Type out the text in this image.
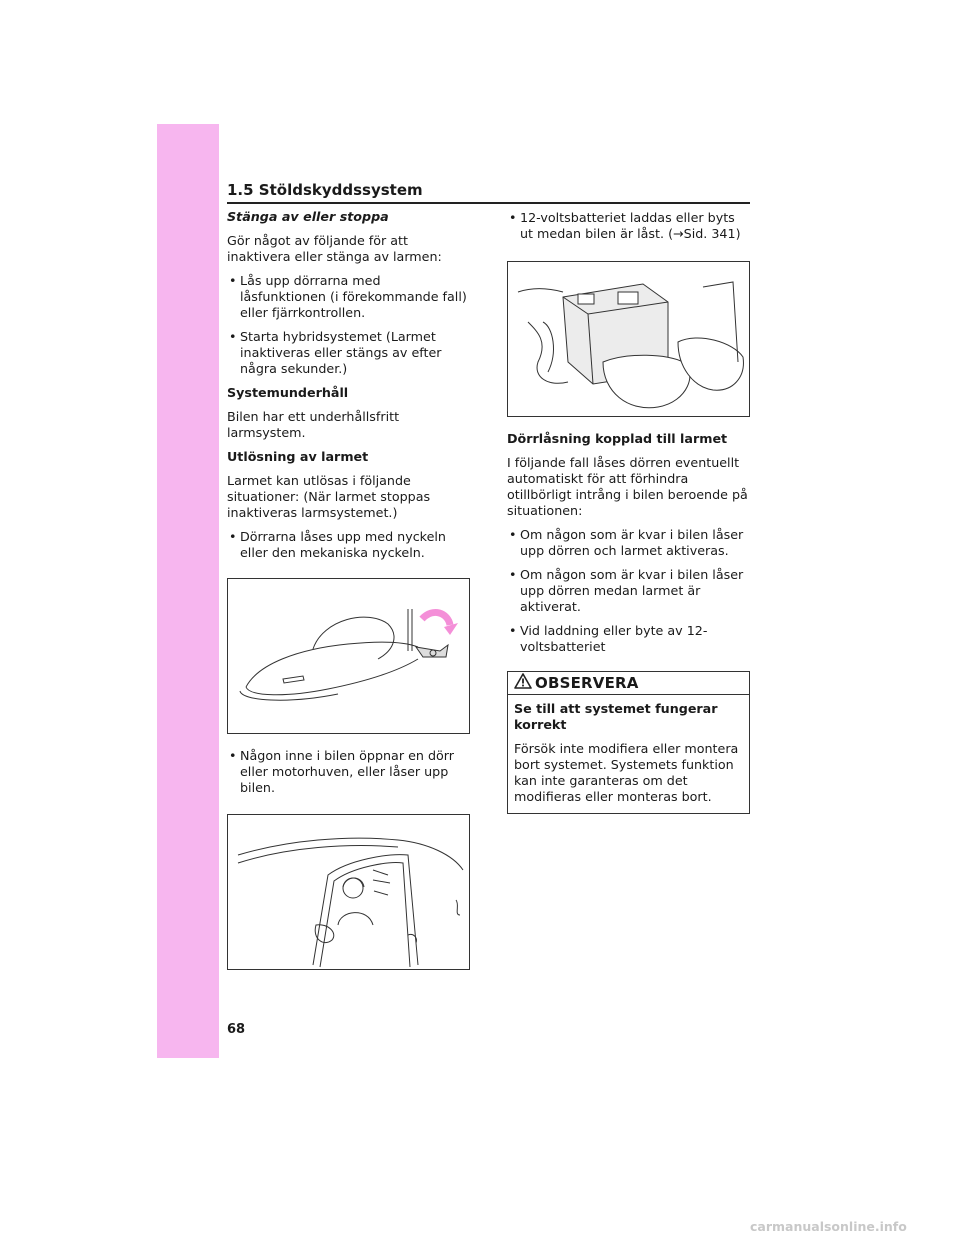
1.5 Stöldskyddssystem

Stänga av eller stoppa

Gör något av följande för att inaktivera eller stänga av larmen:

• Lås upp dörrarna med låsfunktionen (i förekommande fall) eller fjärrkontrollen.
• Starta hybridsystemet (Larmet inaktiveras eller stängs av efter några sekunder.)

Systemunderhåll

Bilen har ett underhållsfritt larmsystem.

Utlösning av larmet

Larmet kan utlösas i följande situationer: (När larmet stoppas inaktiveras larmsystemet.)

• Dörrarna låses upp med nyckeln eller den mekaniska nyckeln.
• Någon inne i bilen öppnar en dörr eller motorhuven, eller låser upp bilen.
• 12-voltsbatteriet laddas eller byts ut medan bilen är låst. (→Sid. 341)

Dörrlåsning kopplad till larmet

I följande fall låses dörren eventuellt automatiskt för att förhindra otillbörligt intrång i bilen beroende på situationen:

• Om någon som är kvar i bilen låser upp dörren och larmet aktiveras.
• Om någon som är kvar i bilen låser upp dörren medan larmet är aktiverat.
• Vid laddning eller byte av 12-voltsbatteriet
OBSERVERA

Se till att systemet fungerar korrekt

Försök inte modifiera eller montera bort systemet. Systemets funktion kan inte garanteras om det modifieras eller monteras bort.

68
carmanualsonline.info
